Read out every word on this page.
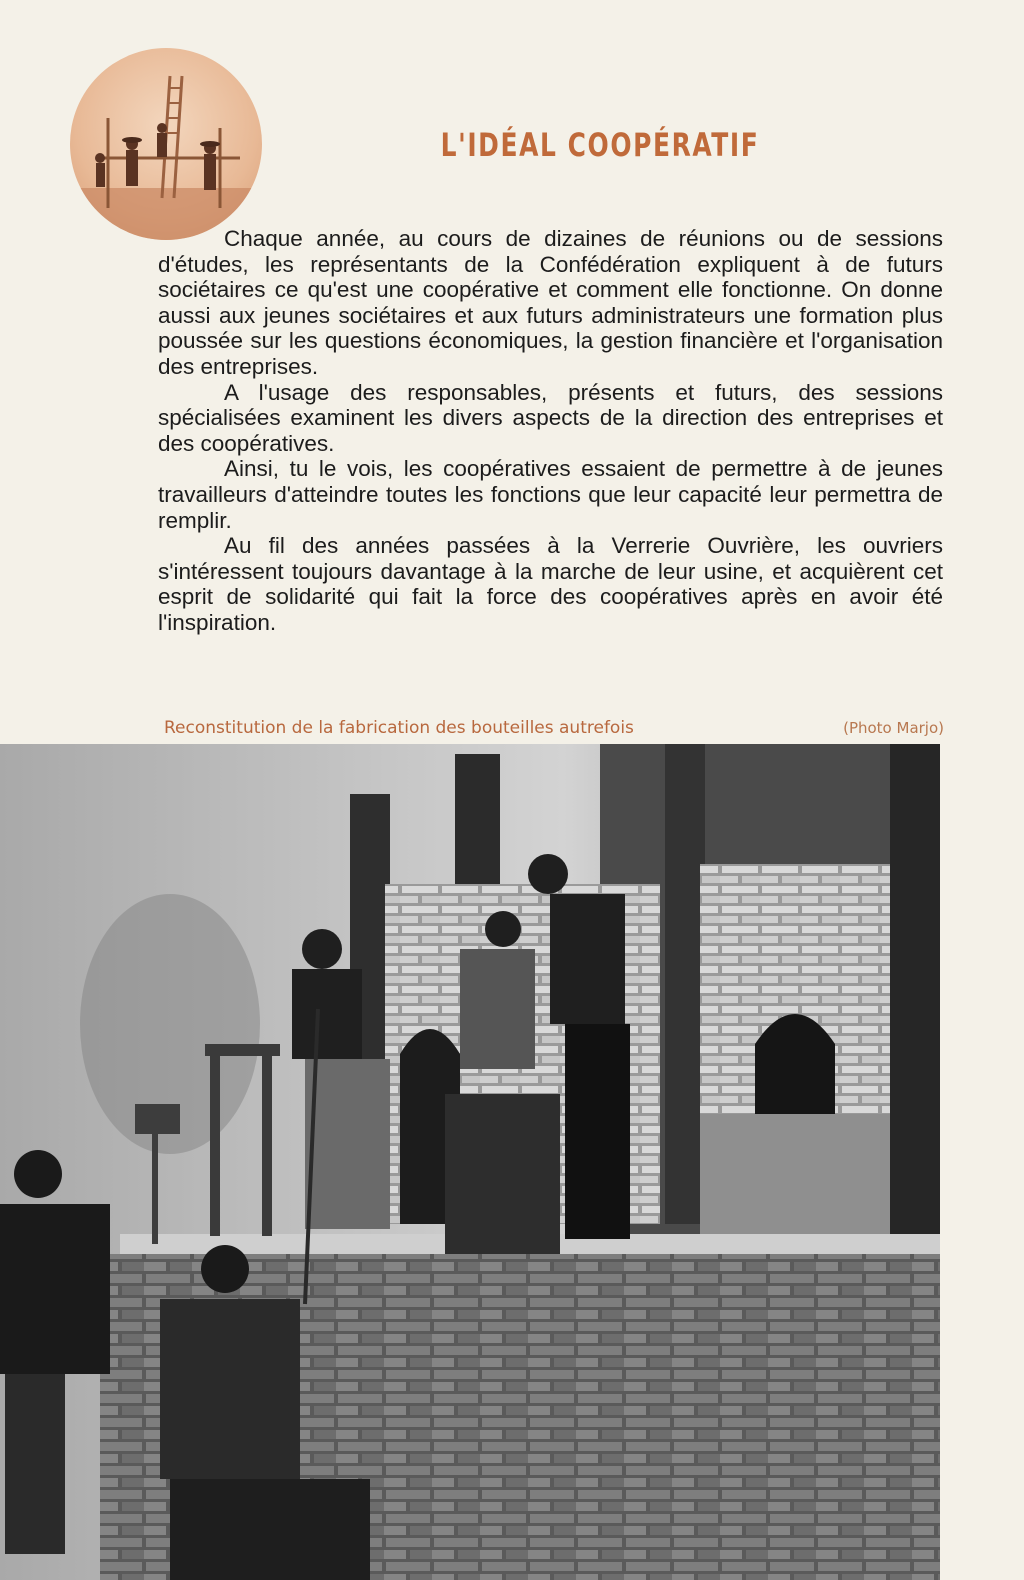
L'IDÉAL COOPÉRATIF

Chaque année, au cours de dizaines de réunions ou de sessions d'études, les représentants de la Confédération expliquent à de futurs sociétaires ce qu'est une coopérative et comment elle fonctionne. On donne aussi aux jeunes sociétaires et aux futurs administrateurs une formation plus poussée sur les questions économiques, la gestion financière et l'organisation des entreprises.

A l'usage des responsables, présents et futurs, des sessions spécialisées examinent les divers aspects de la direction des entreprises et des coopératives.

Ainsi, tu le vois, les coopératives essaient de permettre à de jeunes travailleurs d'atteindre toutes les fonctions que leur capacité leur permettra de remplir.

Au fil des années passées à la Verrerie Ouvrière, les ouvriers s'intéressent toujours davantage à la marche de leur usine, et acquièrent cet esprit de solidarité qui fait la force des coopératives après en avoir été l'inspiration.

Reconstitution de la fabrication des bouteilles autrefois	(Photo Marjo)
